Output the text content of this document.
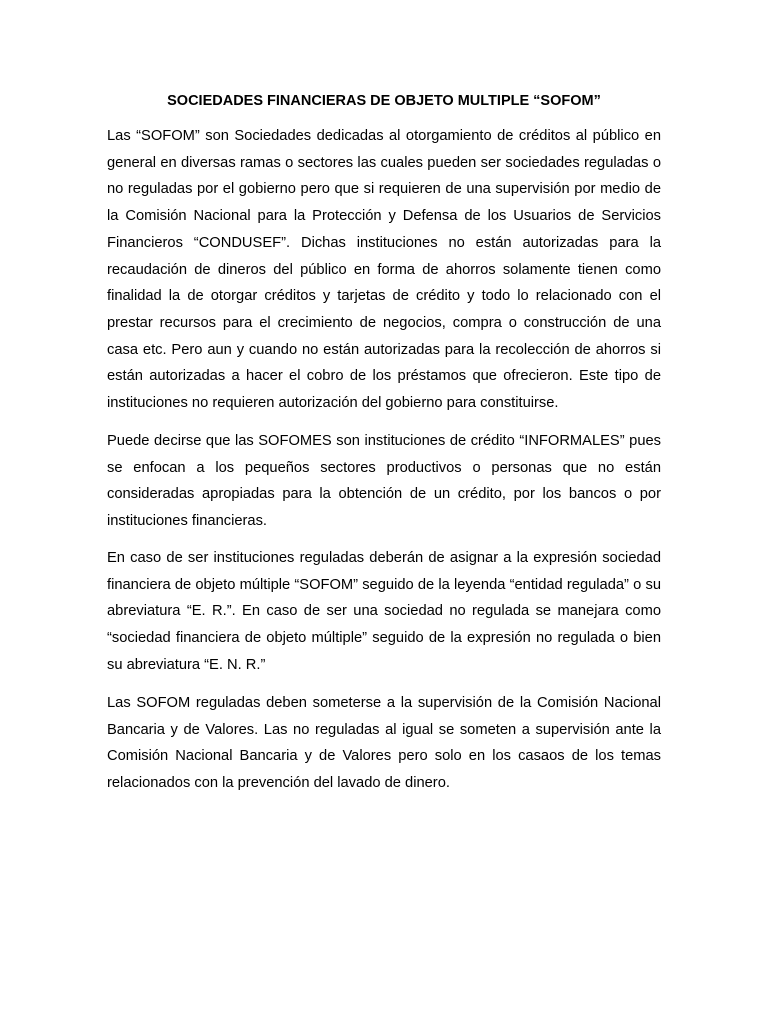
SOCIEDADES FINANCIERAS DE OBJETO MULTIPLE “SOFOM”

Las “SOFOM” son Sociedades dedicadas al otorgamiento de créditos al público en general en diversas ramas o sectores las cuales pueden ser sociedades reguladas o no reguladas por el gobierno pero que si requieren de una supervisión por medio de la Comisión Nacional para la Protección y Defensa de los Usuarios de Servicios Financieros “CONDUSEF”. Dichas instituciones no están autorizadas para la recaudación de dineros del público en forma de ahorros solamente tienen como finalidad la de otorgar créditos y tarjetas de crédito y todo lo relacionado con el prestar recursos para el crecimiento de negocios, compra o construcción de una casa etc. Pero aun y cuando no están autorizadas para la recolección de ahorros si están autorizadas a hacer el cobro de los préstamos que ofrecieron. Este tipo de instituciones no requieren autorización del gobierno para constituirse.

Puede decirse que las SOFOMES son instituciones de crédito “INFORMALES” pues se enfocan a los pequeños sectores productivos o personas que no están consideradas apropiadas para la obtención de un crédito, por los bancos o por instituciones financieras.

En caso de ser instituciones reguladas deberán de asignar a la expresión sociedad financiera de objeto múltiple “SOFOM” seguido de la leyenda “entidad regulada” o su abreviatura “E. R.”. En caso de ser una sociedad no regulada se manejara como “sociedad financiera de objeto múltiple” seguido de la expresión no regulada o bien su abreviatura “E. N. R.”

Las SOFOM reguladas deben someterse a la supervisión de la Comisión Nacional Bancaria y de Valores. Las no reguladas al igual se someten a supervisión ante la Comisión Nacional Bancaria y de Valores pero solo en los casaos de los temas relacionados con la prevención del lavado de dinero.
